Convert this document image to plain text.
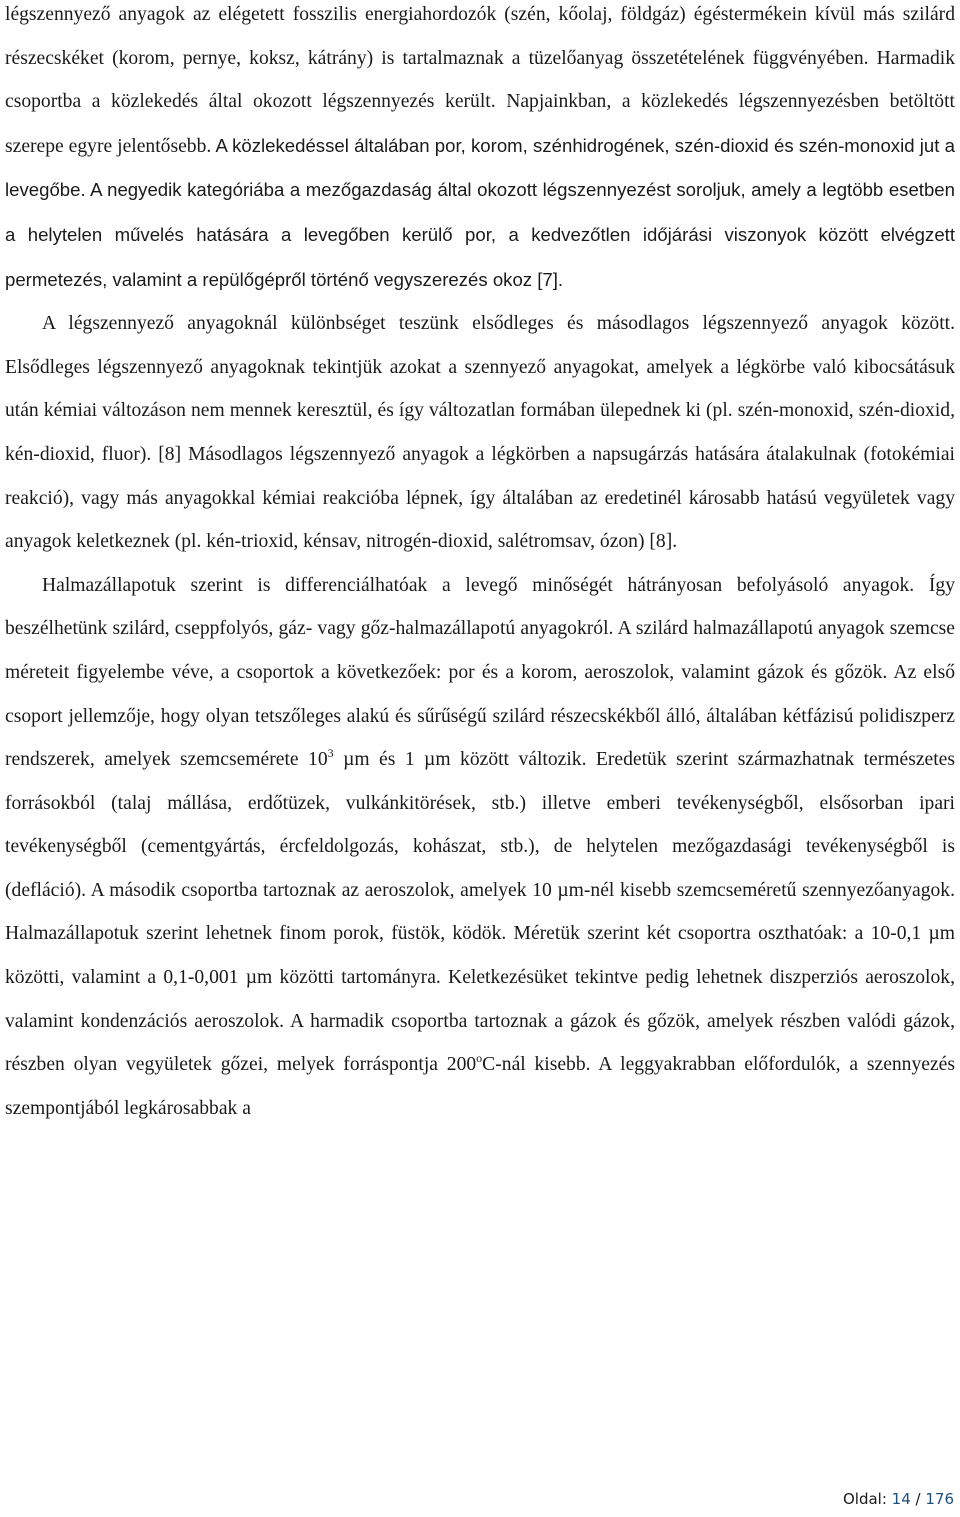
légszennyező anyagok az elégetett fosszilis energiahordozók (szén, kőolaj, földgáz) égéstermékein kívül más szilárd részecskéket (korom, pernye, koksz, kátrány) is tartalmaznak a tüzelőanyag összetételének függvényében. Harmadik csoportba a közlekedés által okozott légszennyezés került. Napjainkban, a közlekedés légszennyezésben betöltött szerepe egyre jelentősebb. A közlekedéssel általában por, korom, szénhidrogének, szén-dioxid és szén-monoxid jut a levegőbe. A negyedik kategóriába a mezőgazdaság által okozott légszennyezést soroljuk, amely a legtöbb esetben a helytelen művelés hatására a levegőben kerülő por, a kedvezőtlen időjárási viszonyok között elvégzett permetezés, valamint a repülőgépről történő vegyszerezés okoz [7].

A légszennyező anyagoknál különbséget teszünk elsődleges és másodlagos légszennyező anyagok között. Elsődleges légszennyező anyagoknak tekintjük azokat a szennyező anyagokat, amelyek a légkörbe való kibocsátásuk után kémiai változáson nem mennek keresztül, és így változatlan formában ülepednek ki (pl. szén-monoxid, szén-dioxid, kén-dioxid, fluor). [8] Másodlagos légszennyező anyagok a légkörben a napsugárzás hatására átalakulnak (fotokémiai reakció), vagy más anyagokkal kémiai reakcióba lépnek, így általában az eredetinél károsabb hatású vegyületek vagy anyagok keletkeznek (pl. kén-trioxid, kénsav, nitrogén-dioxid, salétromsav, ózon) [8].

Halmazállapotuk szerint is differenciálhatóak a levegő minőségét hátrányosan befolyásoló anyagok. Így beszélhetünk szilárd, cseppfolyós, gáz- vagy gőz-halmazállapotú anyagokról. A szilárd halmazállapotú anyagok szemcse méreteit figyelembe véve, a csoportok a következőek: por és a korom, aeroszolok, valamint gázok és gőzök. Az első csoport jellemzője, hogy olyan tetszőleges alakú és sűrűségű szilárd részecskékből álló, általában kétfázisú polidiszperz rendszerek, amelyek szemcsemérete $10^3$ µm és 1 µm között változik. Eredetük szerint származhatnak természetes forrásokból (talaj mállása, erdőtüzek, vulkánkitörések, stb.) illetve emberi tevékenységből, elsősorban ipari tevékenységből (cementgyártás, ércfeldolgozás, kohászat, stb.), de helytelen mezőgazdasági tevékenységből is (defláció). A második csoportba tartoznak az aeroszolok, amelyek 10 µm-nél kisebb szemcseméretű szennyezőanyagok. Halmazállapotuk szerint lehetnek finom porok, füstök, ködök. Méretük szerint két csoportra oszthatóak: a 10-0,1 µm közötti, valamint a 0,1-0,001 µm közötti tartományra. Keletkezésüket tekintve pedig lehetnek diszperziós aeroszolok, valamint kondenzációs aeroszolok. A harmadik csoportba tartoznak a gázok és gőzök, amelyek részben valódi gázok, részben olyan vegyületek gőzei, melyek forráspontja 200$^o$C-nál kisebb. A leggyakrabban előfordulók, a szennyezés szempontjából legkárosabbak a

Oldal: 14 / 176
